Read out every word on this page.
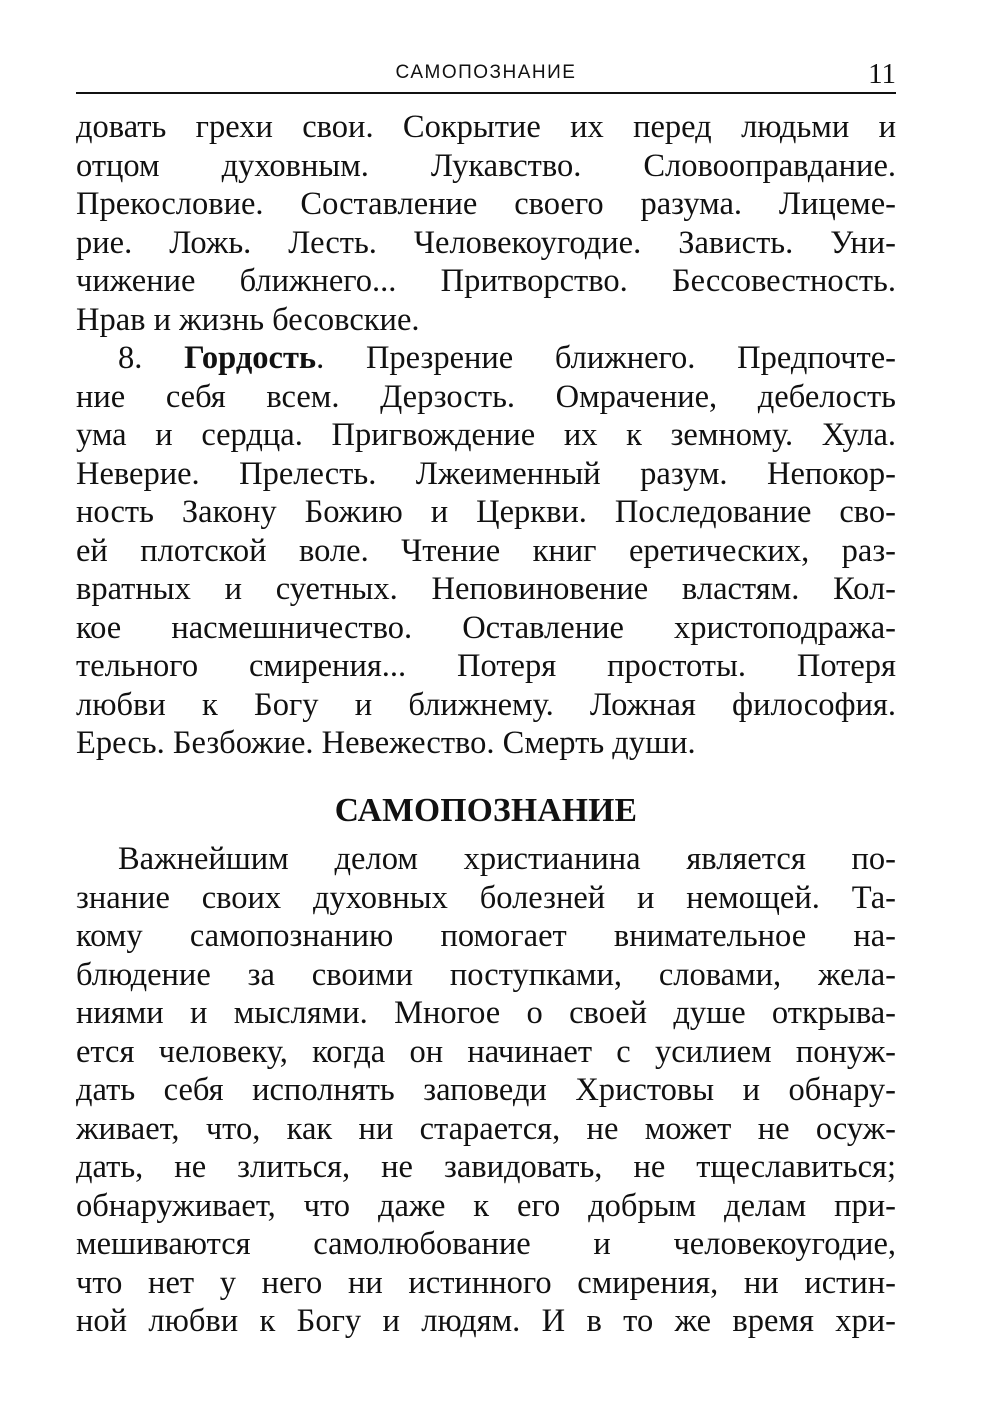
САМОПОЗНАНИЕ	11
довать грехи свои. Сокрытие их перед людьми и
отцом духовным. Лукавство. Словооправдание.
Прекословие. Составление своего разума. Лицеме-
рие. Ложь. Лесть. Человекоугодие. Зависть. Уни-
чижение ближнего... Притворство. Бессовестность.
Нрав и жизнь бесовские.
8. Гордость. Презрение ближнего. Предпочте-
ние себя всем. Дерзость. Омрачение, дебелость
ума и сердца. Пригвождение их к земному. Хула.
Неверие. Прелесть. Лжеименный разум. Непокор-
ность Закону Божию и Церкви. Последование сво-
ей плотской воле. Чтение книг еретических, раз-
вратных и суетных. Неповиновение властям. Кол-
кое насмешничество. Оставление христоподража-
тельного смирения... Потеря простоты. Потеря
любви к Богу и ближнему. Ложная философия.
Ересь. Безбожие. Невежество. Смерть души.
САМОПОЗНАНИЕ
Важнейшим делом христианина является по-
знание своих духовных болезней и немощей. Та-
кому самопознанию помогает внимательное на-
блюдение за своими поступками, словами, жела-
ниями и мыслями. Многое о своей душе открыва-
ется человеку, когда он начинает с усилием понуж-
дать себя исполнять заповеди Христовы и обнару-
живает, что, как ни старается, не может не осуж-
дать, не злиться, не завидовать, не тщеславиться;
обнаруживает, что даже к его добрым делам при-
мешиваются самолюбование и человекоугодие,
что нет у него ни истинного смирения, ни истин-
ной любви к Богу и людям. И в то же время хри-
